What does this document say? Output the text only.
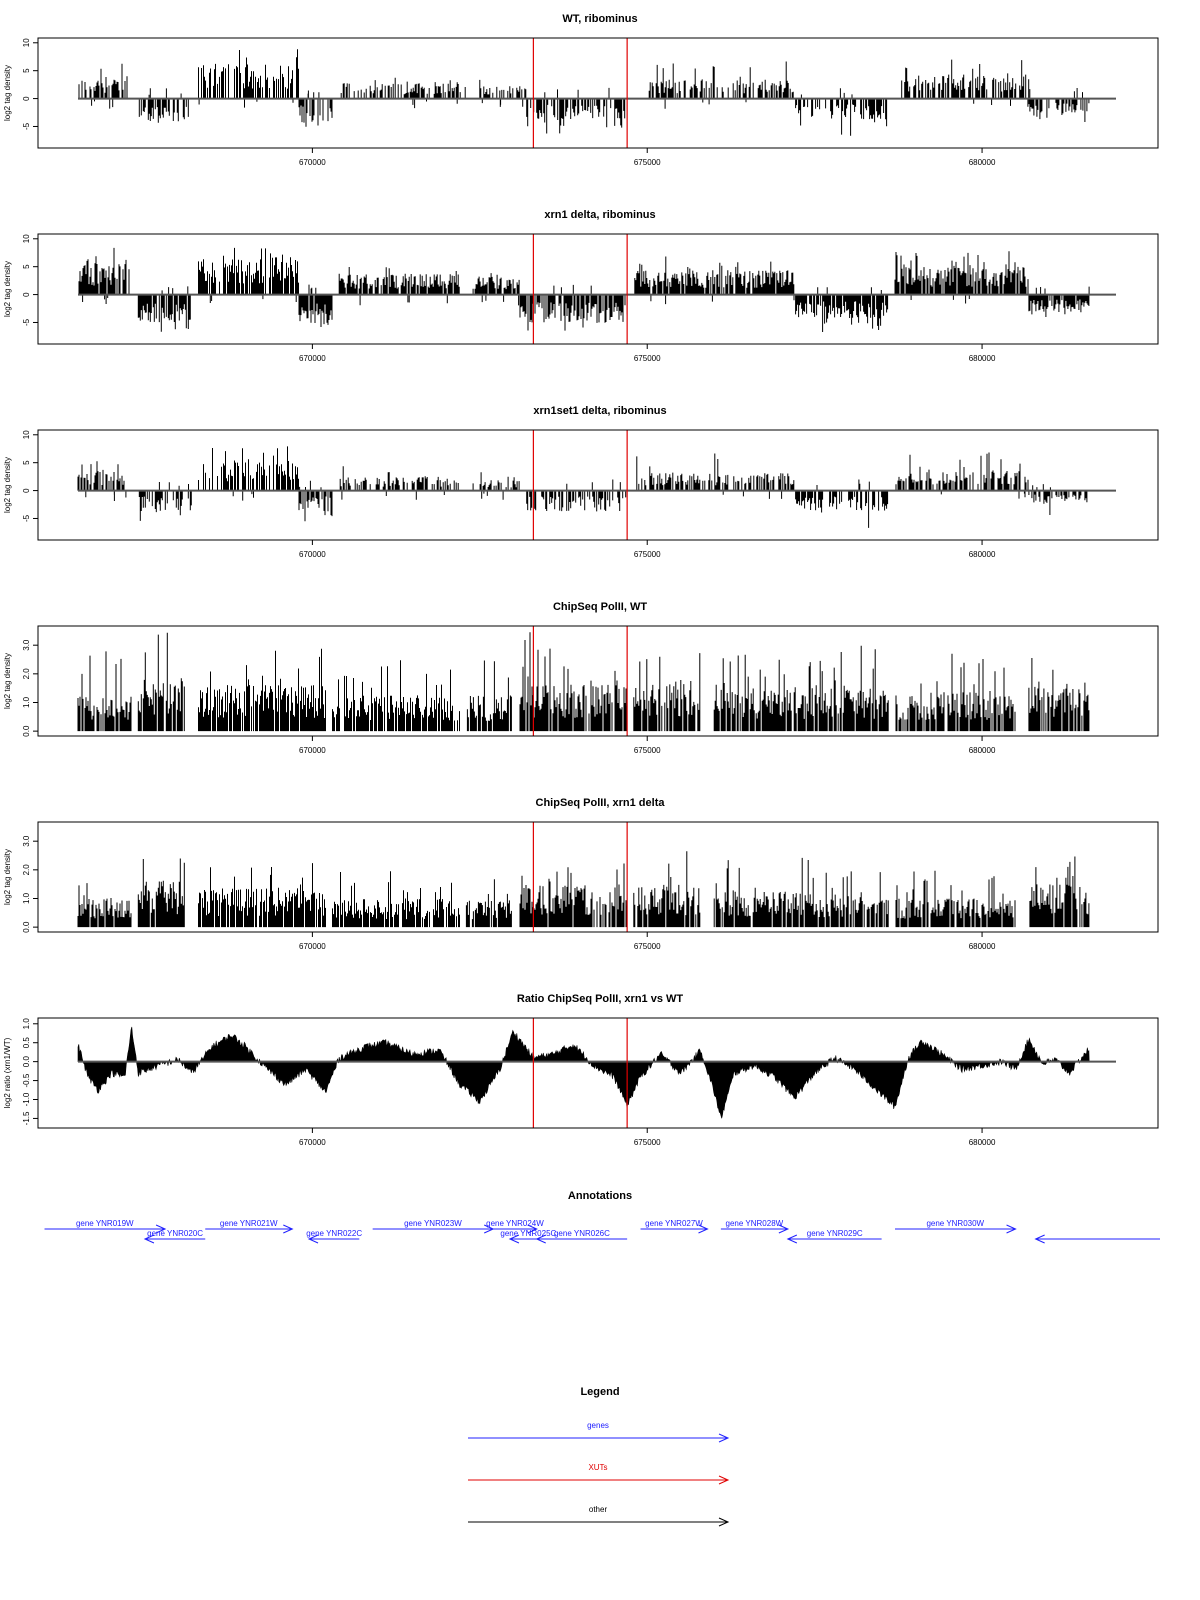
WT, ribominus
10
5
0
-5
log2 tag density
670000	675000	680000
xrn1 delta, ribominus
10
5
0
-5
log2 tag density
670000	675000	680000
xrn1set1 delta, ribominus
10
5
0
-5
log2 tag density
670000	675000	680000
ChipSeq PolII, WT
0.0
1.0
2.0
3.0
log2 tag density
670000	675000	680000
ChipSeq PolII, xrn1 delta
0.0
1.0
2.0
3.0
log2 tag density
670000	675000	680000
Ratio ChipSeq PolII, xrn1 vs WT
1.0
0.5
0.0
-0.5
-1.0
-1.5
log2 ratio (xrn1/WT)
670000	675000	680000
Annotations
gene YNR019W
gene YNR020C
gene YNR021W
gene YNR022C
gene YNR023W	gene YNR024W
gene YNR025C
gene YNR026C
gene YNR027W	gene YNR028W
gene YNR029C
gene YNR030W
Legend
genes
XUTs
other
